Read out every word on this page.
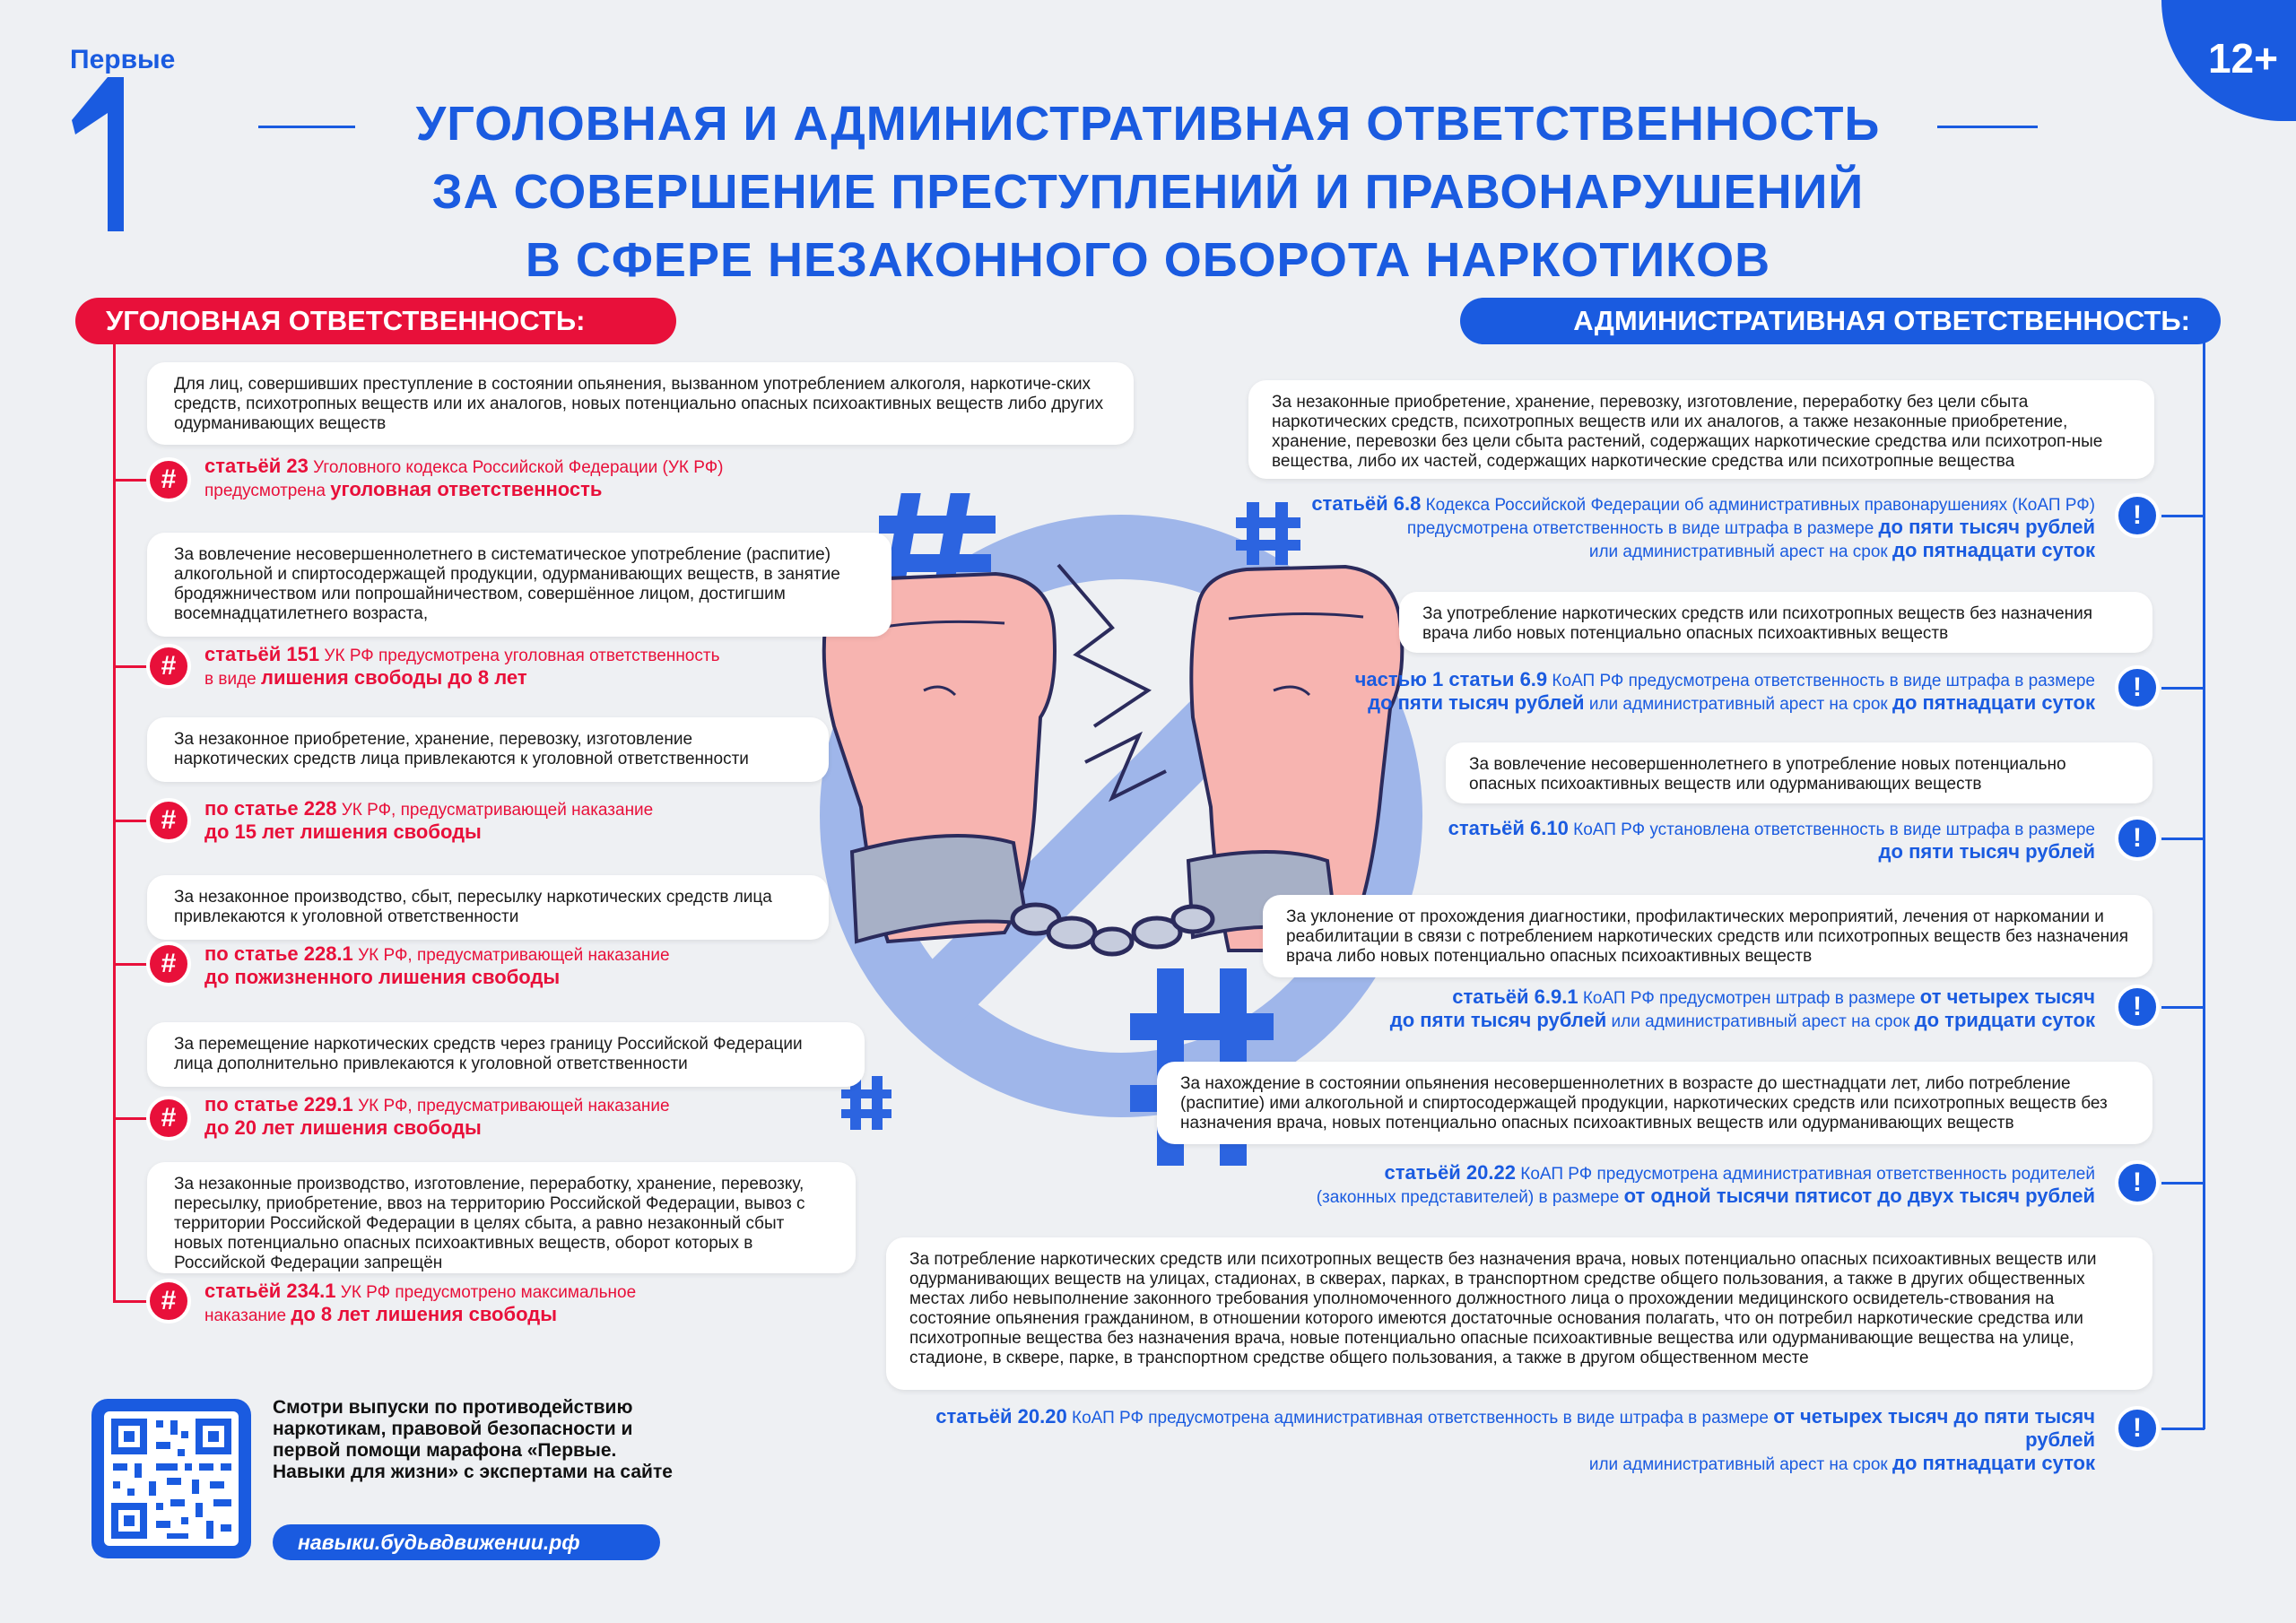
Первые	12+
УГОЛОВНАЯ И АДМИНИСТРАТИВНАЯ ОТВЕТСТВЕННОСТЬ
ЗА СОВЕРШЕНИЕ ПРЕСТУПЛЕНИЙ И ПРАВОНАРУШЕНИЙ
В СФЕРЕ НЕЗАКОННОГО ОБОРОТА НАРКОТИКОВ
УГОЛОВНАЯ ОТВЕТСТВЕННОСТЬ:
Для лиц, совершивших преступление в состоянии опьянения, вызванном употреблением алкоголя, наркотиче-ских средств, психотропных веществ или их аналогов, новых потенциально опасных психоактивных веществ либо других одурманивающих веществ
#	статьёй 23 Уголовного кодекса Российской Федерации (УК РФ)
предусмотрена уголовная ответственность
За вовлечение несовершеннолетнего в систематическое употребление (распитие) алкогольной и спиртосодержащей продукции, одурманивающих веществ, в занятие бродяжничеством или попрошайничеством, совершённое лицом, достигшим восемнадцатилетнего возраста,
#	статьёй 151 УК РФ предусмотрена уголовная ответственность
в виде лишения свободы до 8 лет
За незаконное приобретение, хранение, перевозку, изготовление наркотических средств лица привлекаются к уголовной ответственности
#	по статье 228 УК РФ, предусматривающей наказание
до 15 лет лишения свободы
За незаконное производство, сбыт, пересылку наркотических средств лица привлекаются к уголовной ответственности
#	по статье 228.1 УК РФ, предусматривающей наказание
до пожизненного лишения свободы
За перемещение наркотических средств через границу Российской Федерации лица дополнительно привлекаются к уголовной ответственности
#	по статье 229.1 УК РФ, предусматривающей наказание
до 20 лет лишения свободы
За незаконные производство, изготовление, переработку, хранение, перевозку, пересылку, приобретение, ввоз на территорию Российской Федерации, вывоз с территории Российской Федерации в целях сбыта, а равно незаконный сбыт новых потенциально опасных психоактивных веществ, оборот которых в Российской Федерации запрещён
#	статьёй 234.1 УК РФ предусмотрено максимальное
наказание до 8 лет лишения свободы
АДМИНИСТРАТИВНАЯ ОТВЕТСТВЕННОСТЬ:
За незаконные приобретение, хранение, перевозку, изготовление, переработку без цели сбыта наркотических средств, психотропных веществ или их аналогов, а также незаконные приобретение, хранение, перевозки без цели сбыта растений, содержащих наркотические средства или психотроп-ные вещества, либо их частей, содержащих наркотические средства или психотропные вещества
!
статьёй 6.8 Кодекса Российской Федерации об административных правонарушениях (КоАП РФ)
предусмотрена ответственность в виде штрафа в размере до пяти тысяч рублей
или административный арест на срок до пятнадцати суток
За употребление наркотических средств или психотропных веществ без назначения врача либо новых потенциально опасных психоактивных веществ
!
частью 1 статьи 6.9 КоАП РФ предусмотрена ответственность в виде штрафа в размере
до пяти тысяч рублей или административный арест на срок до пятнадцати суток
За вовлечение несовершеннолетнего в употребление новых потенциально опасных психоактивных веществ или одурманивающих веществ
!
статьёй 6.10 КоАП РФ установлена ответственность в виде штрафа в размере
до пяти тысяч рублей
За уклонение от прохождения диагностики, профилактических мероприятий, лечения от наркомании и реабилитации в связи с потреблением наркотических средств или психотропных веществ без назначения врача либо новых потенциально опасных психоактивных веществ
!
статьёй 6.9.1 КоАП РФ предусмотрен штраф в размере от четырех тысяч
до пяти тысяч рублей или административный арест на срок до тридцати суток
За нахождение в состоянии опьянения несовершеннолетних в возрасте до шестнадцати лет, либо потребление (распитие) ими алкогольной и спиртосодержащей продукции, наркотических средств или психотропных веществ без назначения врача, новых потенциально опасных психоактивных веществ или одурманивающих веществ
!
статьёй 20.22 КоАП РФ предусмотрена административная ответственность родителей
(законных представителей) в размере от одной тысячи пятисот до двух тысяч рублей
За потребление наркотических средств или психотропных веществ без назначения врача, новых потенциально опасных психоактивных веществ или одурманивающих веществ на улицах, стадионах, в скверах, парках, в транспортном средстве общего пользования, а также в других общественных местах либо невыполнение законного требования уполномоченного должностного лица о прохождении медицинского освидетель-ствования на состояние опьянения гражданином, в отношении которого имеются достаточные основания полагать, что он потребил наркотические средства или психотропные вещества без назначения врача, новые потенциально опасные психоактивные вещества или одурманивающие вещества на улице, стадионе, в сквере, парке, в транспортном средстве общего пользования, а также в другом общественном месте
!
статьёй 20.20 КоАП РФ предусмотрена административная ответственность в виде штрафа в размере от четырех тысяч до пяти тысяч рублей
или административный арест на срок до пятнадцати суток
Смотри выпуски по противодействию наркотикам, правовой безопасности и первой помощи марафона «Первые. Навыки для жизни» с экспертами на сайте
навыки.будьвдвижении.рф
